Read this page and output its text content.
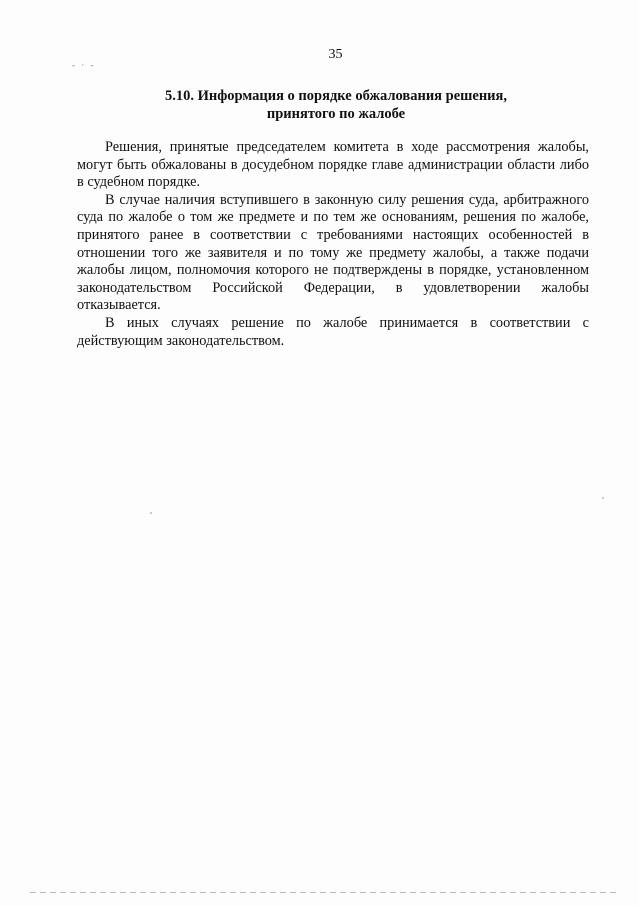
- · -
35
5.10. Информация о порядке обжалования решения,
принятого по жалобе

Решения, принятые председателем комитета в ходе рассмотрения жалобы, могут быть обжалованы в досудебном порядке главе администрации области либо в судебном порядке.

В случае наличия вступившего в законную силу решения суда, арбитражного суда по жалобе о том же предмете и по тем же основаниям, решения по жалобе, принятого ранее в соответствии с требованиями настоящих особенностей в отношении того же заявителя и по тому же предмету жалобы, а также подачи жалобы лицом, полномочия которого не подтверждены в порядке, установленном законодательством Российской Федерации, в удовлетворении жалобы отказывается.

В иных случаях решение по жалобе принимается в соответствии с действующим законодательством.
